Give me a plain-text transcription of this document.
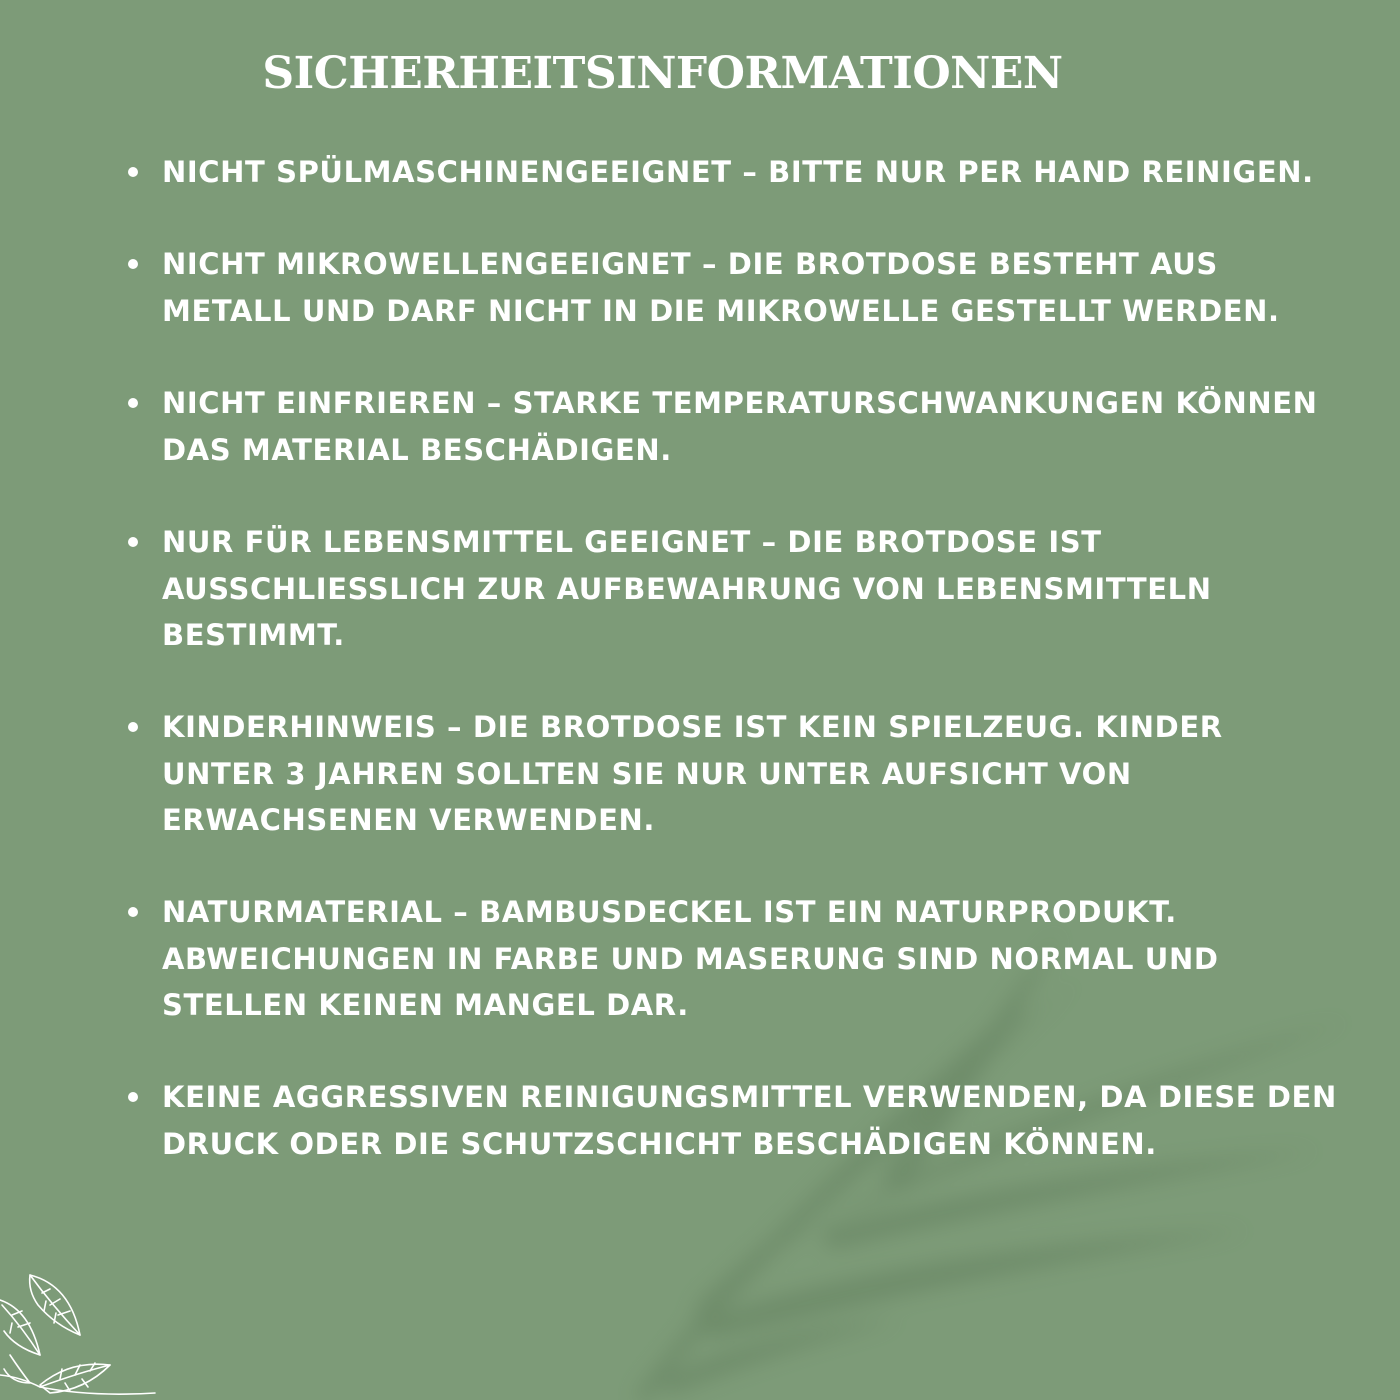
SICHERHEITSINFORMATIONEN
NICHT SPÜLMASCHINENGEEIGNET – BITTE NUR PER HAND REINIGEN.
NICHT MIKROWELLENGEEIGNET – DIE BROTDOSE BESTEHT AUS
METALL UND DARF NICHT IN DIE MIKROWELLE GESTELLT WERDEN.
NICHT EINFRIEREN – STARKE TEMPERATURSCHWANKUNGEN KÖNNEN
DAS MATERIAL BESCHÄDIGEN.
NUR FÜR LEBENSMITTEL GEEIGNET – DIE BROTDOSE IST
AUSSCHLIESSLICH ZUR AUFBEWAHRUNG VON LEBENSMITTELN
BESTIMMT.
KINDERHINWEIS – DIE BROTDOSE IST KEIN SPIELZEUG. KINDER
UNTER 3 JAHREN SOLLTEN SIE NUR UNTER AUFSICHT VON
ERWACHSENEN VERWENDEN.
NATURMATERIAL – BAMBUSDECKEL IST EIN NATURPRODUKT.
ABWEICHUNGEN IN FARBE UND MASERUNG SIND NORMAL UND
STELLEN KEINEN MANGEL DAR.
KEINE AGGRESSIVEN REINIGUNGSMITTEL VERWENDEN, DA DIESE DEN
DRUCK ODER DIE SCHUTZSCHICHT BESCHÄDIGEN KÖNNEN.
